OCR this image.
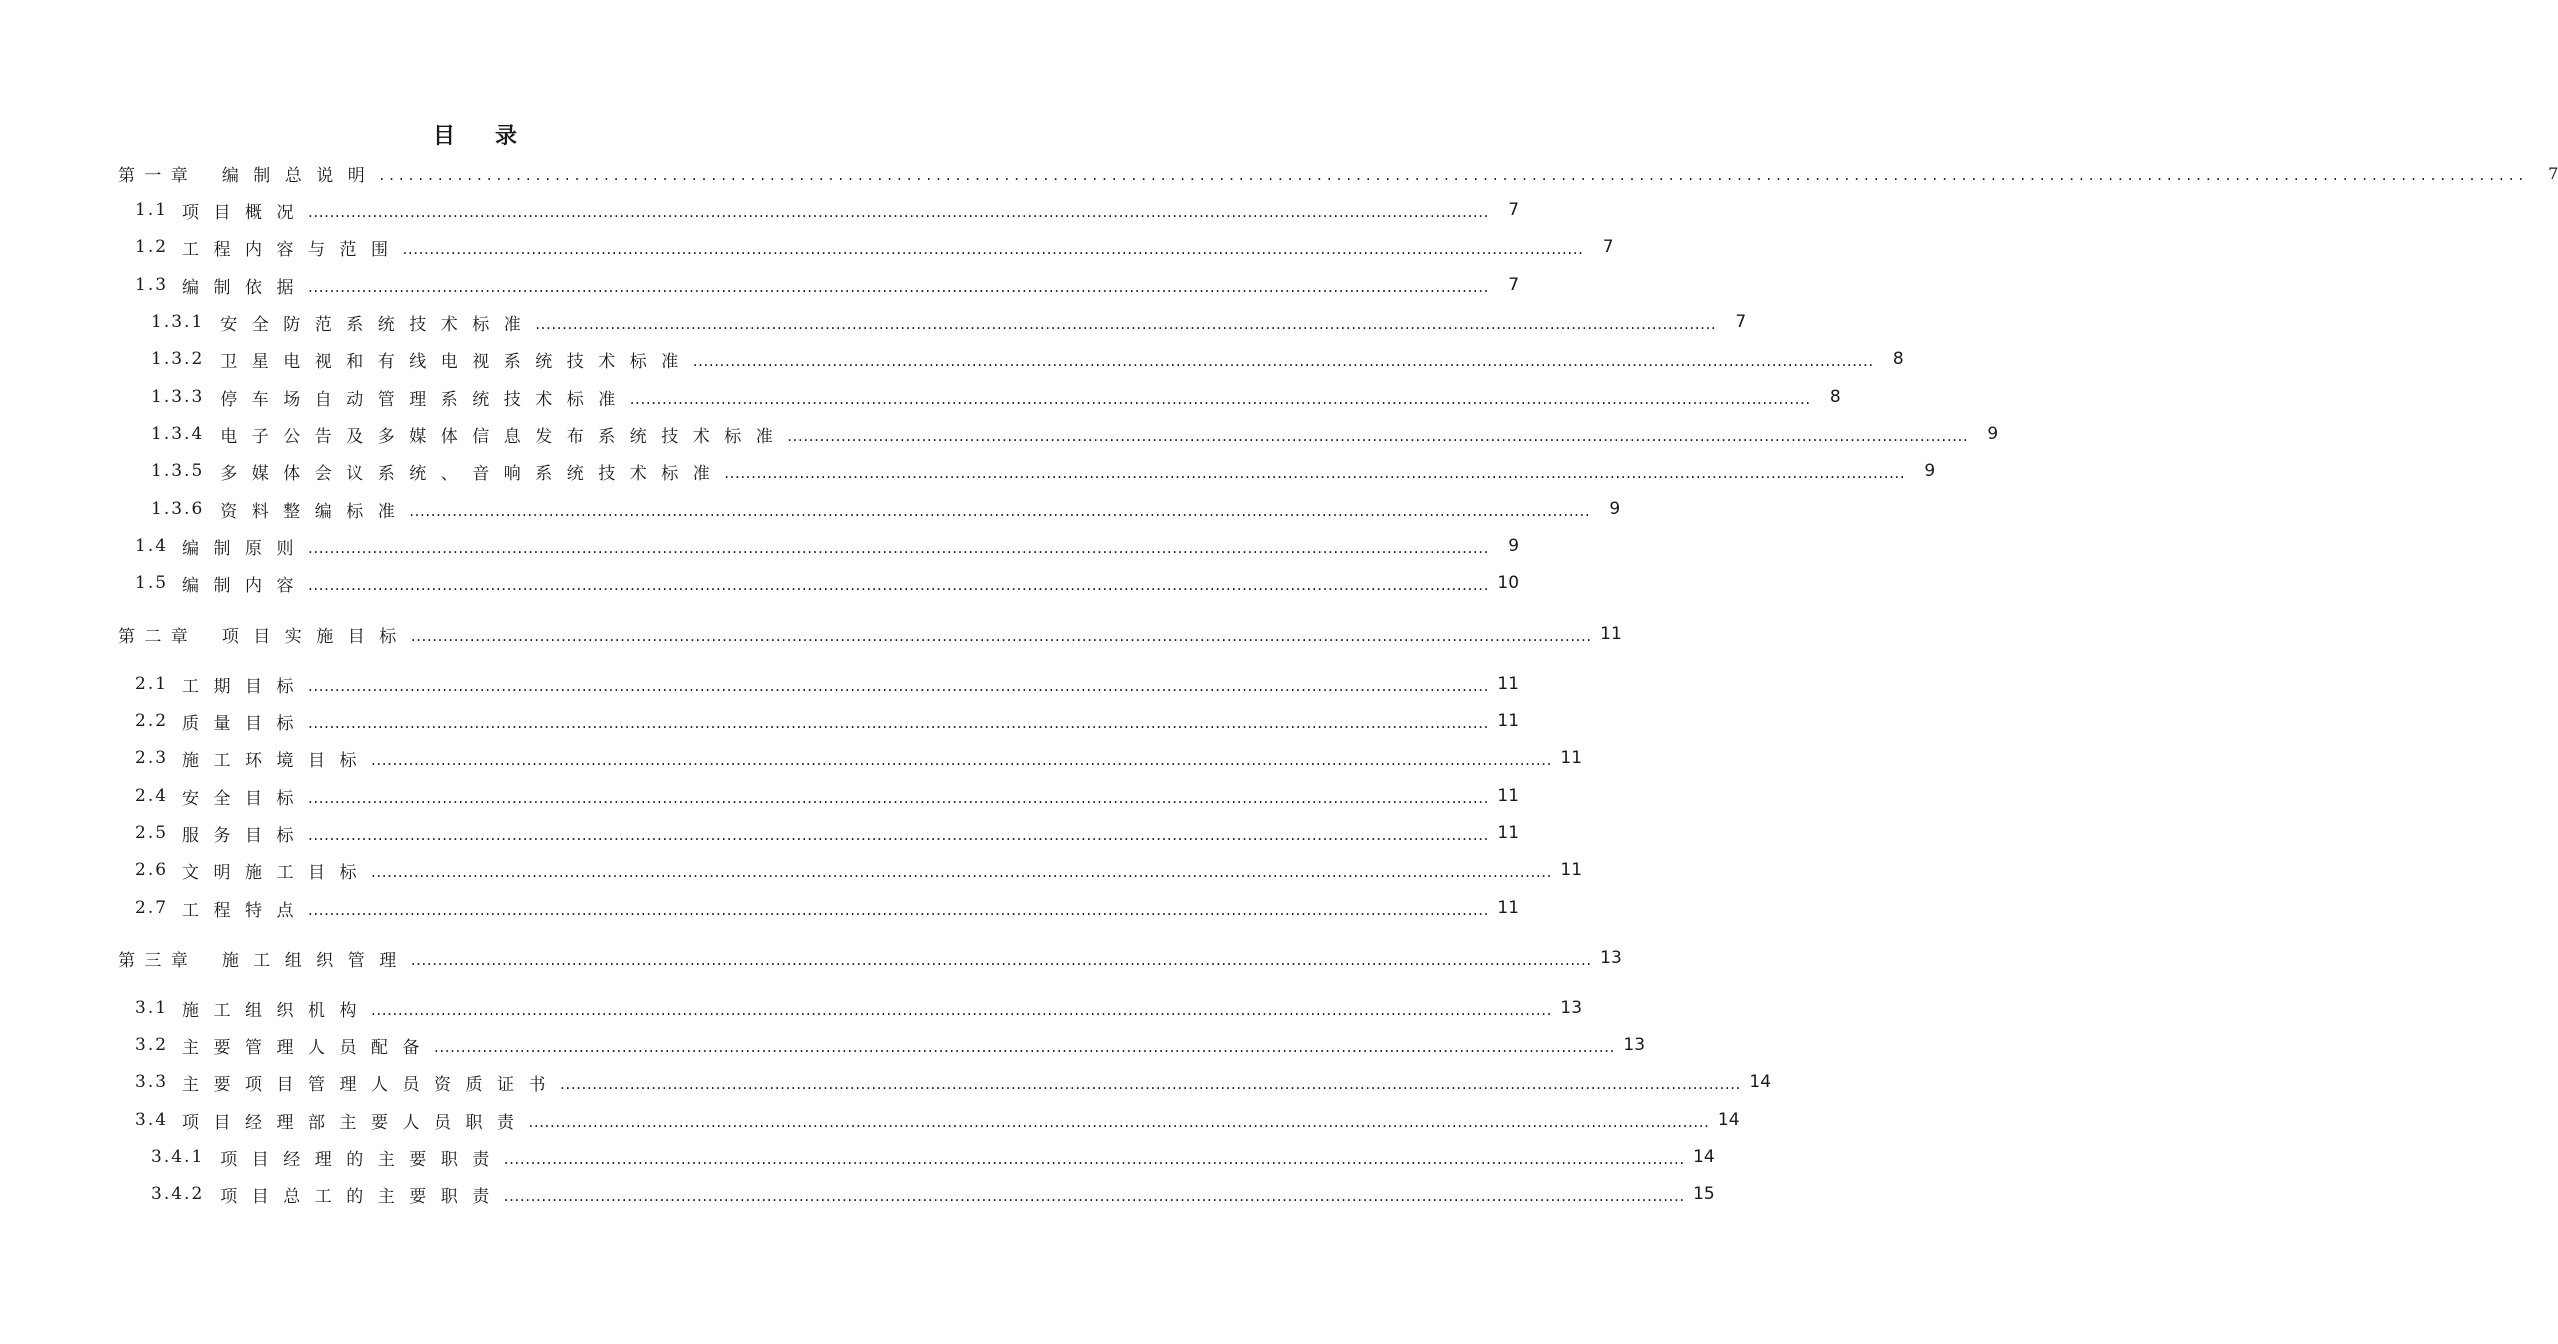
目录
第 一 章 编制总说明 ............................................................................................................................................................................................................................	7
1.1 项目概况 ............................................................................................................................................................................................................................	7
1.2 工程内容与范围 ............................................................................................................................................................................................................................	7
1.3 编制依据 ............................................................................................................................................................................................................................	7
1.3.1 安全防范系统技术标准 ............................................................................................................................................................................................................................	7
1.3.2 卫星电视和有线电视系统技术标准 ............................................................................................................................................................................................................................	8
1.3.3 停车场自动管理系统技术标准 ............................................................................................................................................................................................................................	8
1.3.4 电子公告及多媒体信息发布系统技术标准 ............................................................................................................................................................................................................................	9
1.3.5 多媒体会议系统、音响系统技术标准 ............................................................................................................................................................................................................................	9
1.3.6 资料整编标准 ............................................................................................................................................................................................................................	9
1.4 编制原则 ............................................................................................................................................................................................................................	9
1.5 编制内容 ............................................................................................................................................................................................................................ 10
第 二 章 项目实施目标 ............................................................................................................................................................................................................................ 11
2.1 工期目标 ............................................................................................................................................................................................................................ 11
2.2 质量目标 ............................................................................................................................................................................................................................ 11
2.3 施工环境目标 ............................................................................................................................................................................................................................ 11
2.4 安全目标 ............................................................................................................................................................................................................................ 11
2.5 服务目标 ............................................................................................................................................................................................................................ 11
2.6 文明施工目标 ............................................................................................................................................................................................................................ 11
2.7 工程特点 ............................................................................................................................................................................................................................ 11
第 三 章 施工组织管理 ............................................................................................................................................................................................................................ 13
3.1 施工组织机构 ............................................................................................................................................................................................................................ 13
3.2 主要管理人员配备 ............................................................................................................................................................................................................................ 13
3.3 主要项目管理人员资质证书 ............................................................................................................................................................................................................................ 14
3.4 项目经理部主要人员职责 ............................................................................................................................................................................................................................ 14
3.4.1 项目经理的主要职责 ............................................................................................................................................................................................................................ 14
3.4.2 项目总工的主要职责 ............................................................................................................................................................................................................................ 15
